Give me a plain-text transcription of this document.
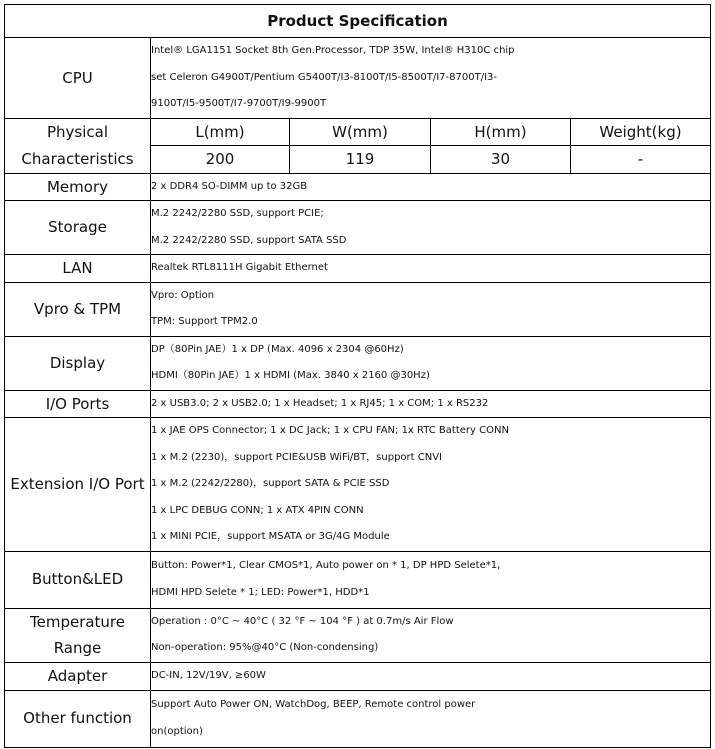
Product Specification				
CPU	Intel® LGA1151 Socket 8th Gen.Processor, TDP 35W, Intel® H310C chip
set Celeron G4900T/Pentium G5400T/I3-8100T/I5-8500T/I7-8700T/I3-
9100T/I5-9500T/I7-9700T/I9-9900T			

Physical
Characteristics	L(mm)	W(mm)	H(mm)	Weight(kg)
	200	119	30	-
Memory	2 x DDR4 SO-DIMM up to 32GB			
Storage	M.2 2242/2280 SSD, support PCIE;
M.2 2242/2280 SSD, support SATA SSD			

LAN	Realtek RTL8111H Gigabit Ethernet			
Vpro & TPM	Vpro: Option
TPM: Support TPM2.0			

Display	DP（80Pin JAE）1 x DP (Max. 4096 x 2304 @60Hz)
HDMI（80Pin JAE）1 x HDMI (Max. 3840 x 2160 @30Hz)			

I/O Ports	2 x USB3.0; 2 x USB2.0; 1 x Headset; 1 x RJ45; 1 x COM; 1 x RS232			
Extension I/O Port	1 x JAE OPS Connector; 1 x DC Jack; 1 x CPU FAN; 1x RTC Battery CONN
1 x M.2 (2230)，support PCIE&USB WiFi/BT，support CNVI
1 x M.2 (2242/2280)，support SATA & PCIE SSD
1 x LPC DEBUG CONN; 1 x ATX 4PIN CONN
1 x MINI PCIE，support MSATA or 3G/4G Module			

Button&LED	Button: Power*1, Clear CMOS*1, Auto power on * 1, DP HPD Selete*1,
HDMI HPD Selete * 1; LED: Power*1, HDD*1			

Temperature
Range	Operation : 0°C ~ 40°C ( 32 °F ~ 104 °F ) at 0.7m/s Air Flow
Non-operation: 95%@40°C (Non-condensing)			

Adapter	DC-IN, 12V/19V, ≥60W			
Other function	Support Auto Power ON, WatchDog, BEEP, Remote control power
on(option)			
